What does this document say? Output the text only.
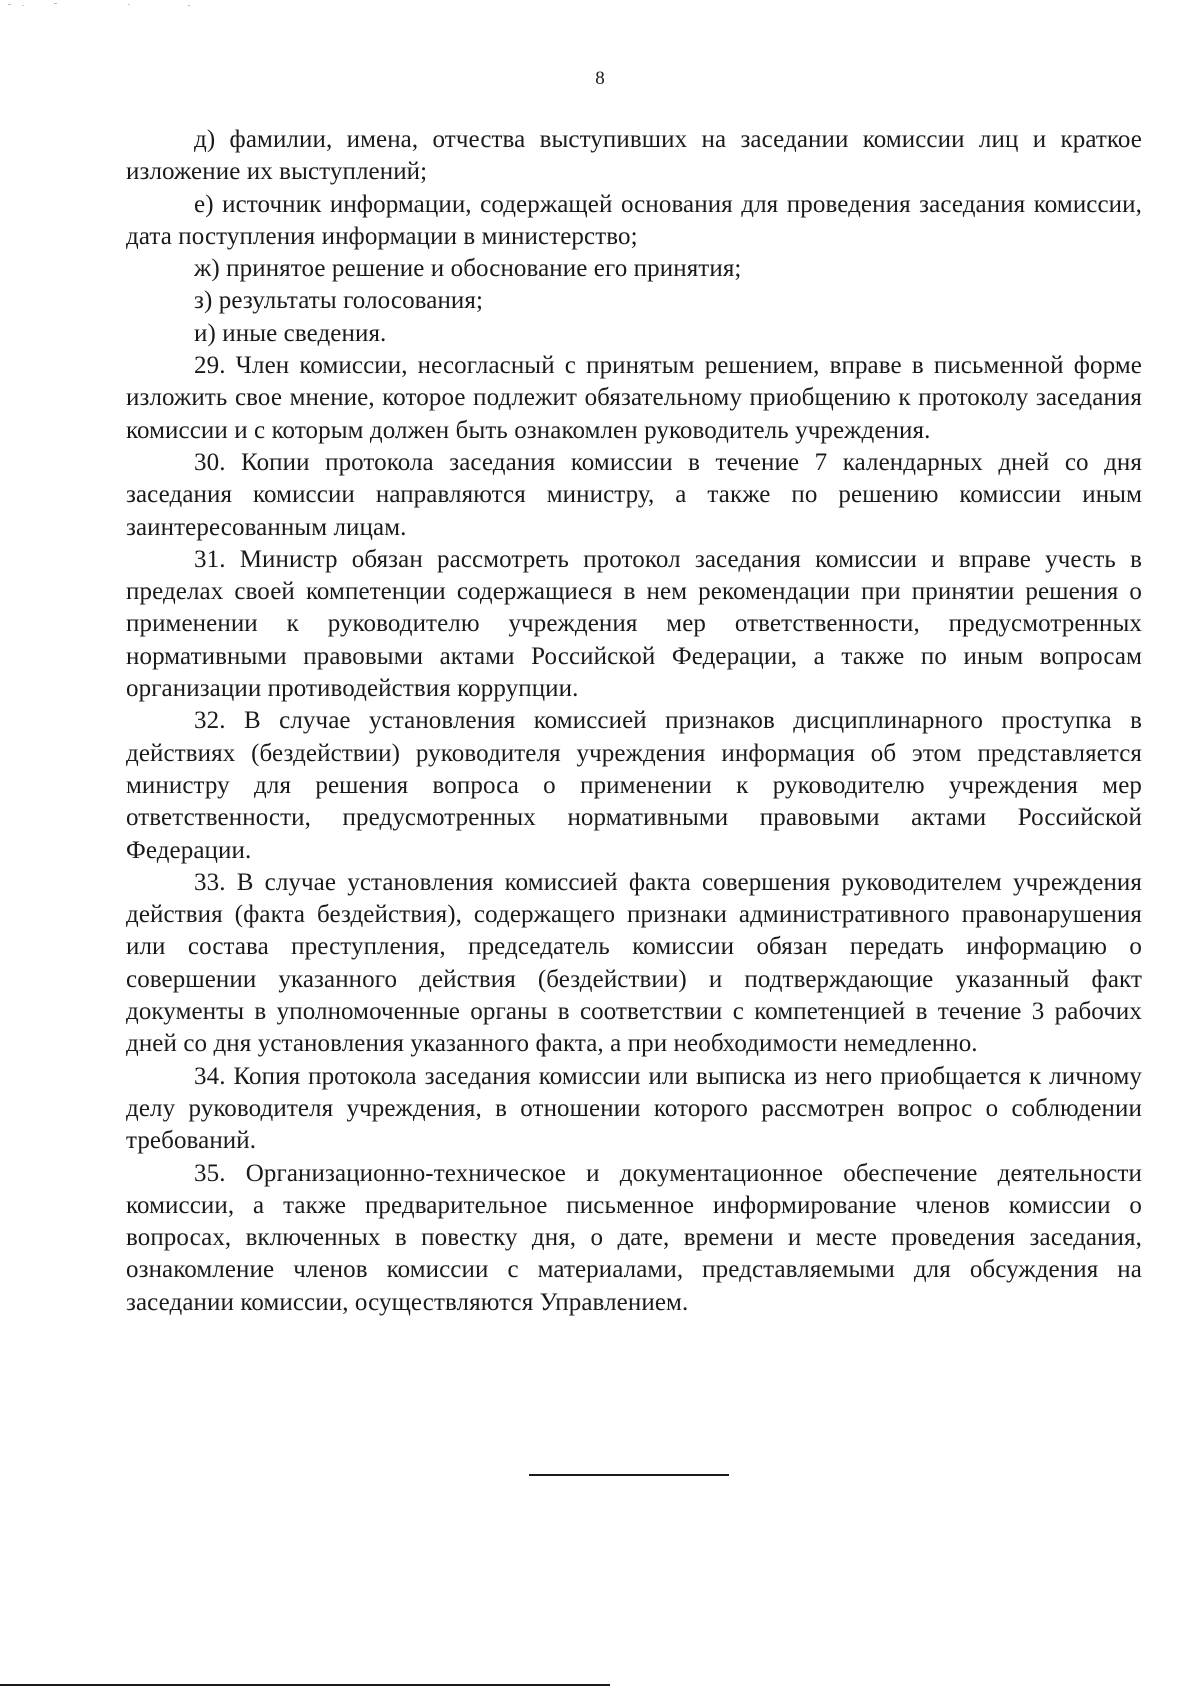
8

д) фамилии, имена, отчества выступивших на заседании комиссии лиц и краткое изложение их выступлений;

е) источник информации, содержащей основания для проведения заседания комиссии, дата поступления информации в министерство;

ж) принятое решение и обоснование его принятия;

з) результаты голосования;

и) иные сведения.

29. Член комиссии, несогласный с принятым решением, вправе в письменной форме изложить свое мнение, которое подлежит обязательному приобщению к протоколу заседания комиссии и с которым должен быть ознакомлен руководитель учреждения.

30. Копии протокола заседания комиссии в течение 7 календарных дней со дня заседания комиссии направляются министру, а также по решению комиссии иным заинтересованным лицам.

31. Министр обязан рассмотреть протокол заседания комиссии и вправе учесть в пределах своей компетенции содержащиеся в нем рекомендации при принятии решения о применении к руководителю учреждения мер ответственности, предусмотренных нормативными правовыми актами Российской Федерации, а также по иным вопросам организации противодействия коррупции.

32. В случае установления комиссией признаков дисциплинарного проступка в действиях (бездействии) руководителя учреждения информация об этом представляется министру для решения вопроса о применении к руководителю учреждения мер ответственности, предусмотренных нормативными правовыми актами Российской Федерации.

33. В случае установления комиссией факта совершения руководителем учреждения действия (факта бездействия), содержащего признаки административного правонарушения или состава преступления, председатель комиссии обязан передать информацию о совершении указанного действия (бездействии) и подтверждающие указанный факт документы в уполномоченные органы в соответствии с компетенцией в течение 3 рабочих дней со дня установления указанного факта, а при необходимости немедленно.

34. Копия протокола заседания комиссии или выписка из него приобщается к личному делу руководителя учреждения, в отношении которого рассмотрен вопрос о соблюдении требований.

35. Организационно-техническое и документационное обеспечение деятельности комиссии, а также предварительное письменное информирование членов комиссии о вопросах, включенных в повестку дня, о дате, времени и месте проведения заседания, ознакомление членов комиссии с материалами, представляемыми для обсуждения на заседании комиссии, осуществляются Управлением.
